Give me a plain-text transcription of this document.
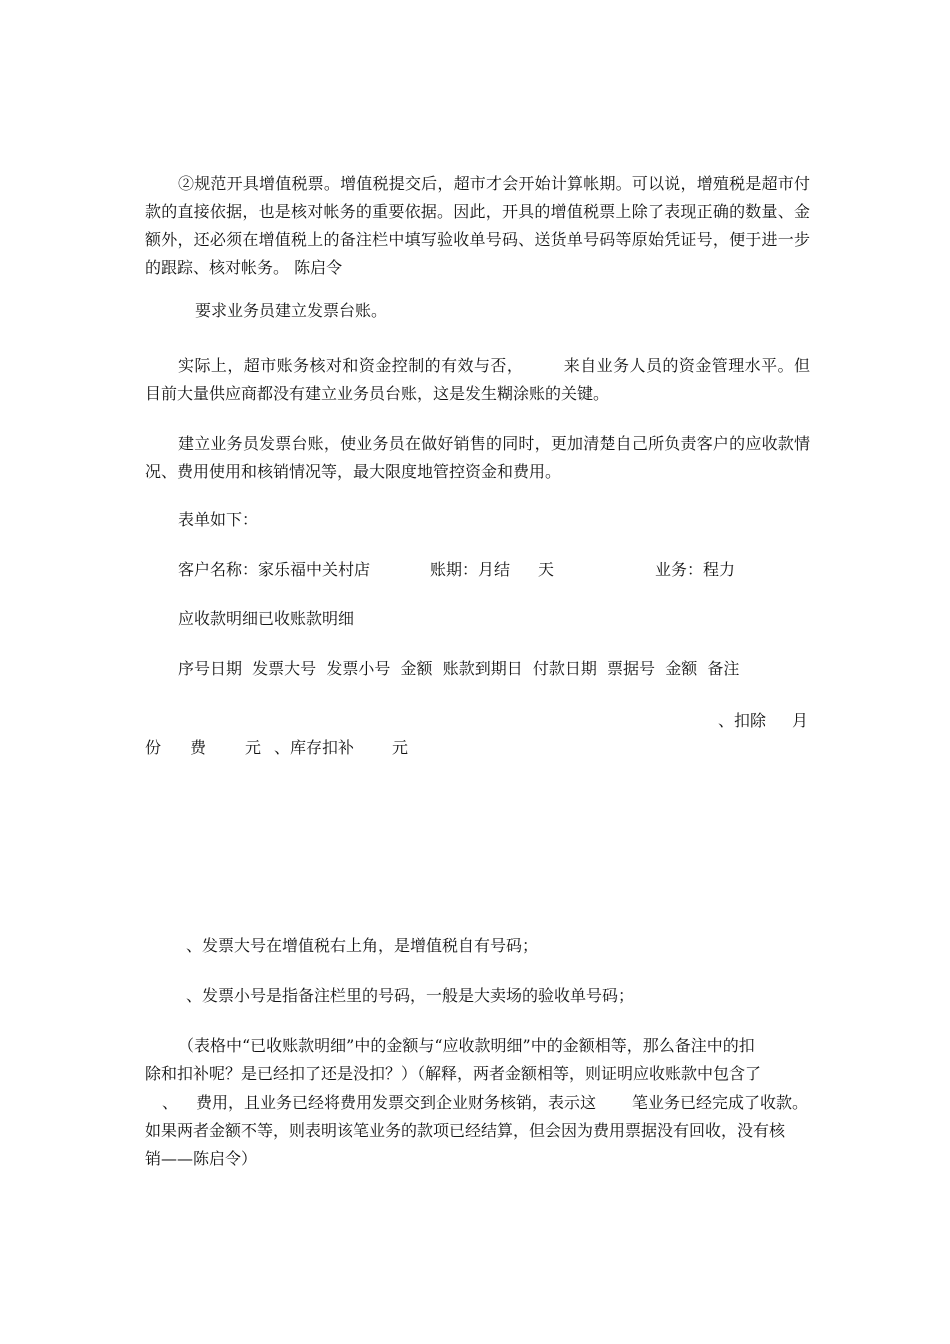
②规范开具增值税票。增值税提交后，超市才会开始计算帐期。可以说，增殖税是超市付款的直接依据，也是核对帐务的重要依据。因此，开具的增值税票上除了表现正确的数量、金额外，还必须在增值税上的备注栏中填写验收单号码、送货单号码等原始凭证号，便于进一步的跟踪、核对帐务。 陈启令

要求业务员建立发票台账。

实际上，超市账务核对和资金控制的有效与否，	来自业务人员的资金管理水平。但目前大量供应商都没有建立业务员台账，这是发生糊涂账的关键。

建立业务员发票台账，使业务员在做好销售的同时，更加清楚自己所负责客户的应收款情况、费用使用和核销情况等，最大限度地管控资金和费用。

表单如下：

客户名称：家乐福中关村店	账期：月结 天	业务：程力

应收款明细已收账款明细

序号日期  发票大号  发票小号  金额  账款到期日  付款日期  票据号  金额  备注

、扣除 月

份 费 元 、库存扣补 元

、发票大号在增值税右上角，是增值税自有号码；

、发票小号是指备注栏里的号码，一般是大卖场的验收单号码；

（表格中“已收账款明细”中的金额与“应收款明细”中的金额相等，那么备注中的扣

除和扣补呢？是已经扣了还是没扣？）（解释，两者金额相等，则证明应收账款中包含了

、 费用，且业务已经将费用发票交到企业财务核销，表示这 笔业务已经完成了收款。

如果两者金额不等，则表明该笔业务的款项已经结算，但会因为费用票据没有回收，没有核

销——陈启令）
